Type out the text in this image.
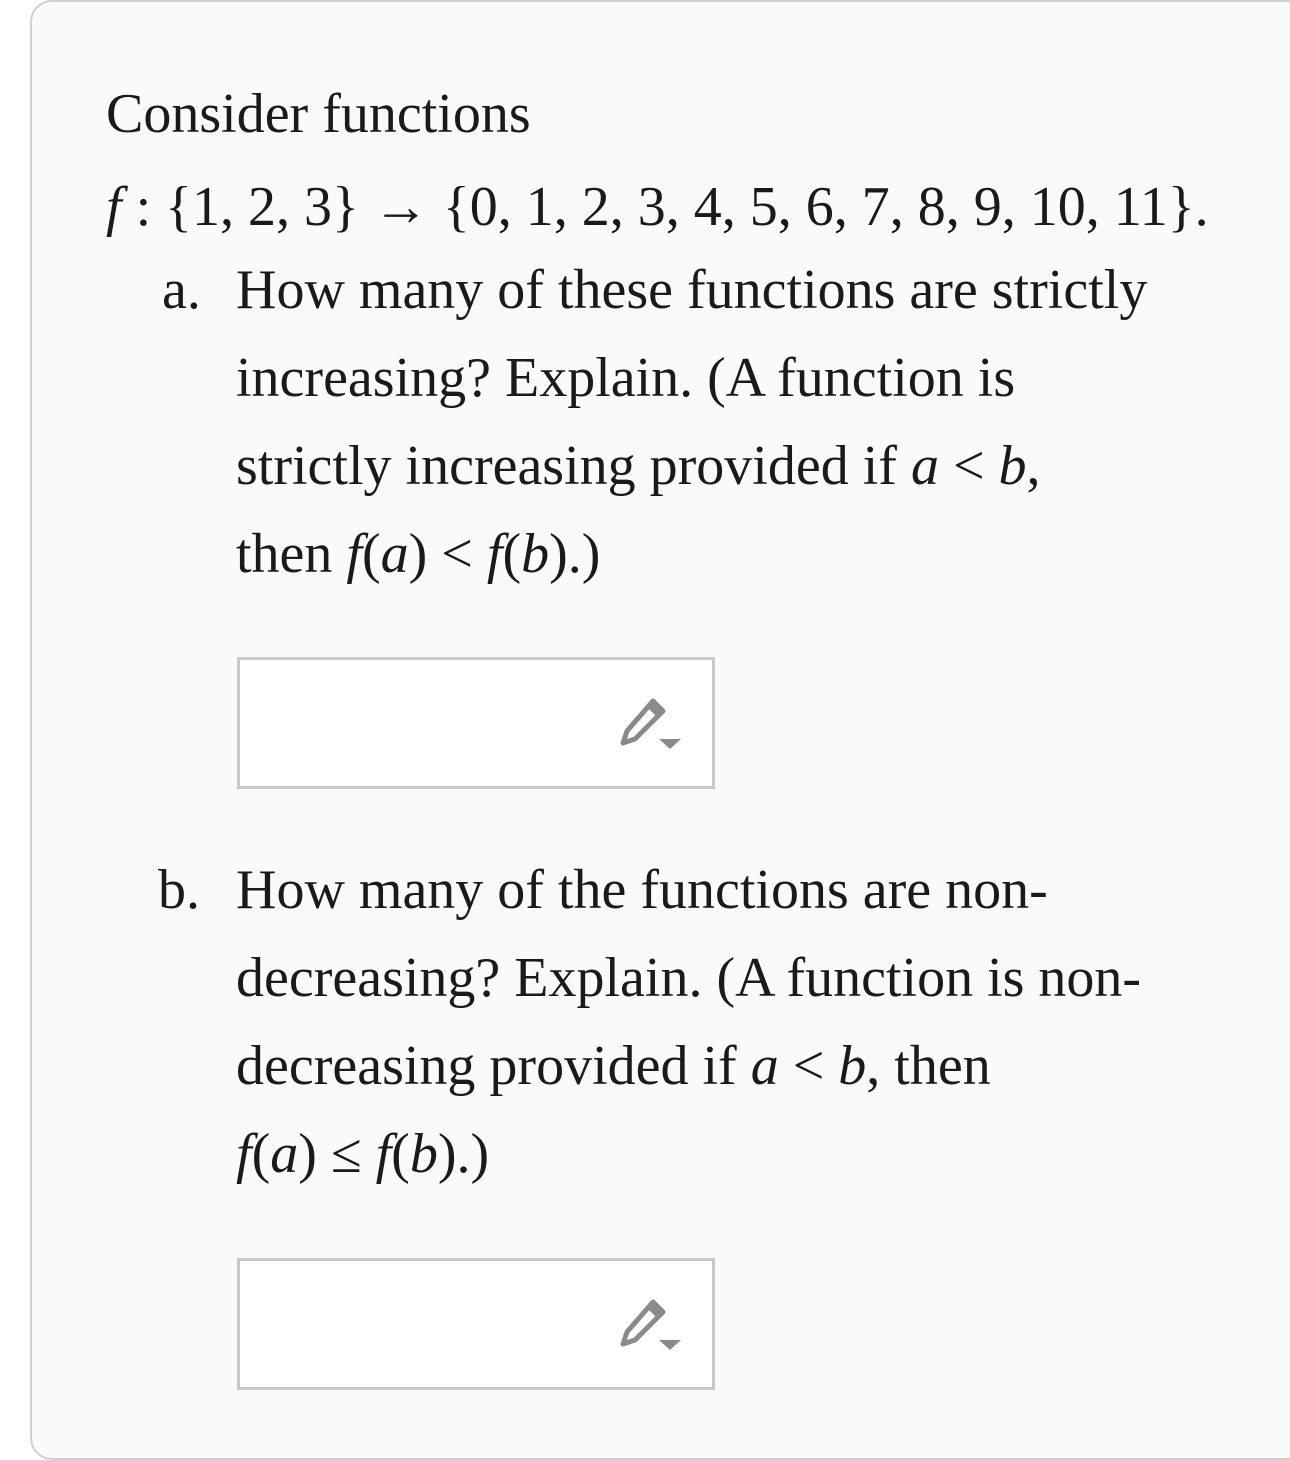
Consider functions
f : {1, 2, 3} → {0, 1, 2, 3, 4, 5, 6, 7, 8, 9, 10, 11}.
a. How many of these functions are strictly
increasing? Explain. (A function is
strictly increasing provided if a < b,
then f(a) < f(b).)
b. How many of the functions are non-
decreasing? Explain. (A function is non-
decreasing provided if a < b, then
f(a) ≤ f(b).)
